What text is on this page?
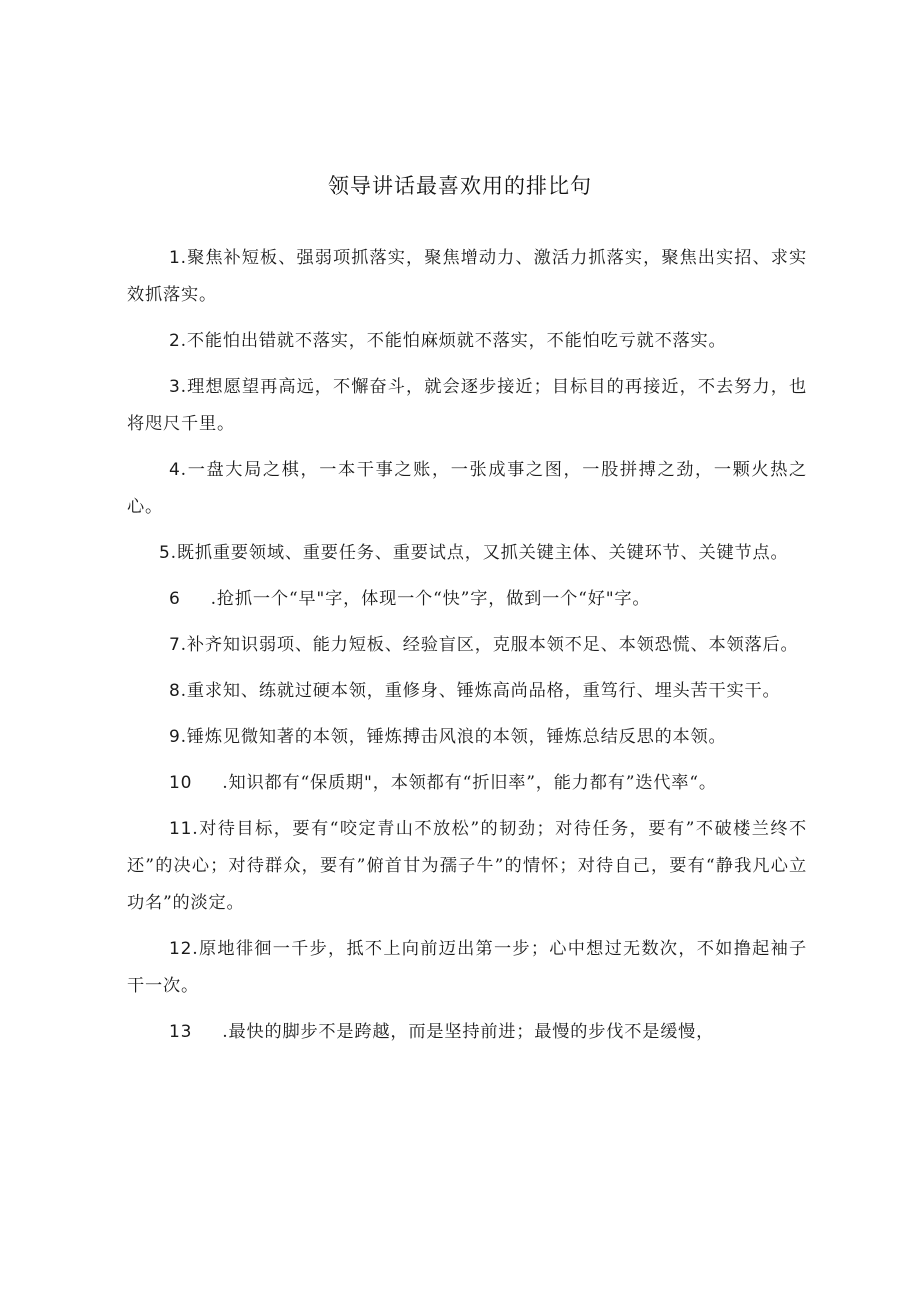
领导讲话最喜欢用的排比句

1.聚焦补短板、强弱项抓落实，聚焦增动力、激活力抓落实，聚焦出实招、求实效抓落实。

2.不能怕出错就不落实，不能怕麻烦就不落实，不能怕吃亏就不落实。

3.理想愿望再高远，不懈奋斗，就会逐步接近；目标目的再接近，不去努力，也将咫尺千里。

4.一盘大局之棋，一本干事之账，一张成事之图，一股拼搏之劲，一颗火热之心。

5.既抓重要领域、重要任务、重要试点，又抓关键主体、关键环节、关键节点。

6 .抢抓一个“早"字，体现一个“快”字，做到一个“好"字。

7.补齐知识弱项、能力短板、经验盲区，克服本领不足、本领恐慌、本领落后。

8.重求知、练就过硬本领，重修身、锤炼高尚品格，重笃行、埋头苦干实干。

9.锤炼见微知著的本领，锤炼搏击风浪的本领，锤炼总结反思的本领。

10 .知识都有“保质期"，本领都有“折旧率”，能力都有”迭代率“。

11.对待目标，要有“咬定青山不放松”的韧劲；对待任务，要有”不破楼兰终不还”的决心；对待群众，要有”俯首甘为孺子牛”的情怀；对待自己，要有“静我凡心立功名”的淡定。

12.原地徘徊一千步，抵不上向前迈出第一步；心中想过无数次，不如撸起袖子干一次。

13 .最快的脚步不是跨越，而是坚持前进；最慢的步伐不是缓慢，
